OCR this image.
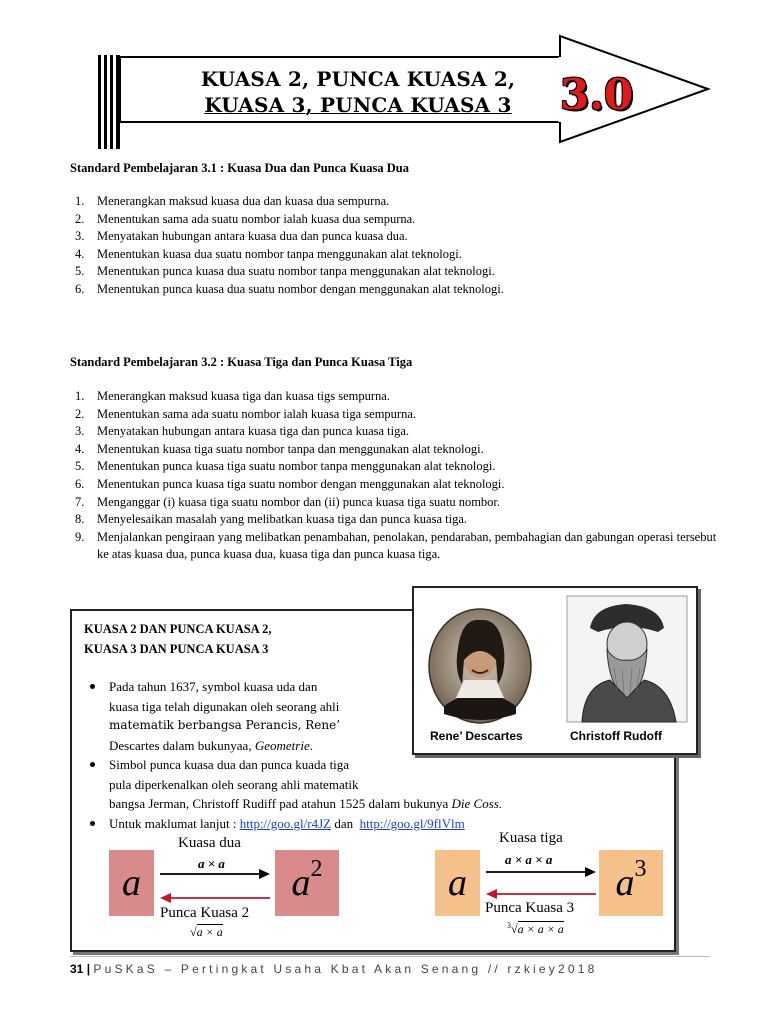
KUASA 2, PUNCA KUASA 2,
KUASA 3, PUNCA KUASA 3	3.0
Standard Pembelajaran 3.1 : Kuasa Dua dan Punca Kuasa Dua
1. Menerangkan maksud kuasa dua dan kuasa dua sempurna.
2. Menentukan sama ada suatu nombor ialah kuasa dua sempurna.
3. Menyatakan hubungan antara kuasa dua dan punca kuasa dua.
4. Menentukan kuasa dua suatu nombor tanpa menggunakan alat teknologi.
5. Menentukan punca kuasa dua suatu nombor tanpa menggunakan alat teknologi.
6. Menentukan punca kuasa dua suatu nombor dengan menggunakan alat teknologi.
Standard Pembelajaran 3.2 : Kuasa Tiga dan Punca Kuasa Tiga
1. Menerangkan maksud kuasa tiga dan kuasa tigs sempurna.
2. Menentukan sama ada suatu nombor ialah kuasa tiga sempurna.
3. Menyatakan hubungan antara kuasa tiga dan punca kuasa tiga.
4. Menentukan kuasa tiga suatu nombor tanpa dan menggunakan alat teknologi.
5. Menentukan punca kuasa tiga suatu nombor tanpa menggunakan alat teknologi.
6. Menentukan punca kuasa tiga suatu nombor dengan menggunakan alat teknologi.
7. Menganggar (i) kuasa tiga suatu nombor dan (ii) punca kuasa tiga suatu nombor.
8. Menyelesaikan masalah yang melibatkan kuasa tiga dan punca kuasa tiga.
9. Menjalankan pengiraan yang melibatkan penambahan, penolakan, pendaraban, pembahagian dan gabungan operasi tersebut ke atas kuasa dua, punca kuasa dua, kuasa tiga dan punca kuasa tiga.
KUASA 2 DAN PUNCA KUASA 2,
KUASA 3 DAN PUNCA KUASA 3
Rene’ Descartes	Christoff Rudoff
Pada tahun 1637, symbol kuasa uda dan
kuasa tiga telah digunakan oleh seorang ahli
matematik berbangsa Perancis, Rene’
Descartes dalam bukunyaa, Geometrie.
Simbol punca kuasa dua dan punca kuada tiga
pula diperkenalkan oleh seorang ahli matematik
bangsa Jerman, Christoff Rudiff pad atahun 1525 dalam bukunya Die Coss.
Untuk maklumat lanjut : http://goo.gl/r4JZ dan  http://goo.gl/9flVlm
a	a 2
Kuasa dua
a × a
Punca Kuasa 2
√a × a
a	a 3
Kuasa tiga
a × a × a
Punca Kuasa 3
$^3$√a × a × a
31 | PuSKaS – Pertingkat Usaha Kbat Akan Senang // rzkiey2018
